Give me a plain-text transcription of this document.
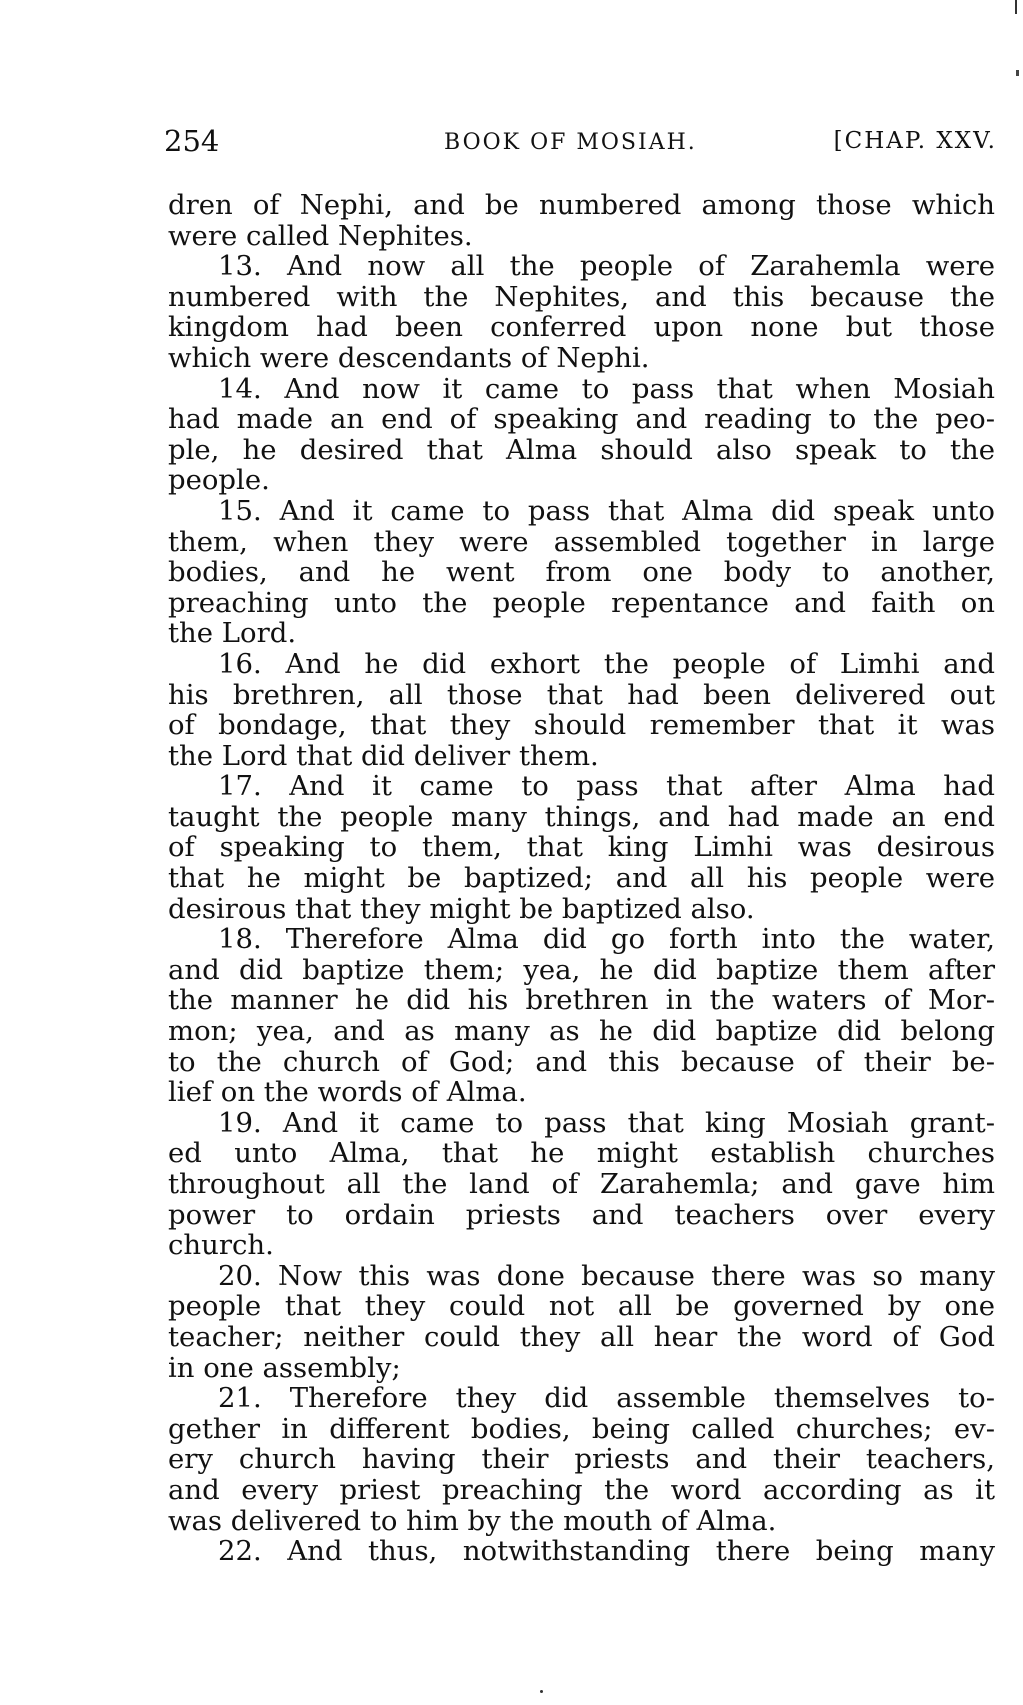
254	BOOK OF MOSIAH.	[CHAP. XXV.
dren of Nephi, and be numbered among those which
were called Nephites.
13. And now all the people of Zarahemla were
numbered with the Nephites, and this because the
kingdom had been conferred upon none but those
which were descendants of Nephi.
14. And now it came to pass that when Mosiah
had made an end of speaking and reading to the peo-
ple, he desired that Alma should also speak to the
people.
15. And it came to pass that Alma did speak unto
them, when they were assembled together in large
bodies, and he went from one body to another,
preaching unto the people repentance and faith on
the Lord.
16. And he did exhort the people of Limhi and
his brethren, all those that had been delivered out
of bondage, that they should remember that it was
the Lord that did deliver them.
17. And it came to pass that after Alma had
taught the people many things, and had made an end
of speaking to them, that king Limhi was desirous
that he might be baptized; and all his people were
desirous that they might be baptized also.
18. Therefore Alma did go forth into the water,
and did baptize them; yea, he did baptize them after
the manner he did his brethren in the waters of Mor-
mon; yea, and as many as he did baptize did belong
to the church of God; and this because of their be-
lief on the words of Alma.
19. And it came to pass that king Mosiah grant-
ed unto Alma, that he might establish churches
throughout all the land of Zarahemla; and gave him
power to ordain priests and teachers over every
church.
20. Now this was done because there was so many
people that they could not all be governed by one
teacher; neither could they all hear the word of God
in one assembly;
21. Therefore they did assemble themselves to-
gether in different bodies, being called churches; ev-
ery church having their priests and their teachers,
and every priest preaching the word according as it
was delivered to him by the mouth of Alma.
22. And thus, notwithstanding there being many
